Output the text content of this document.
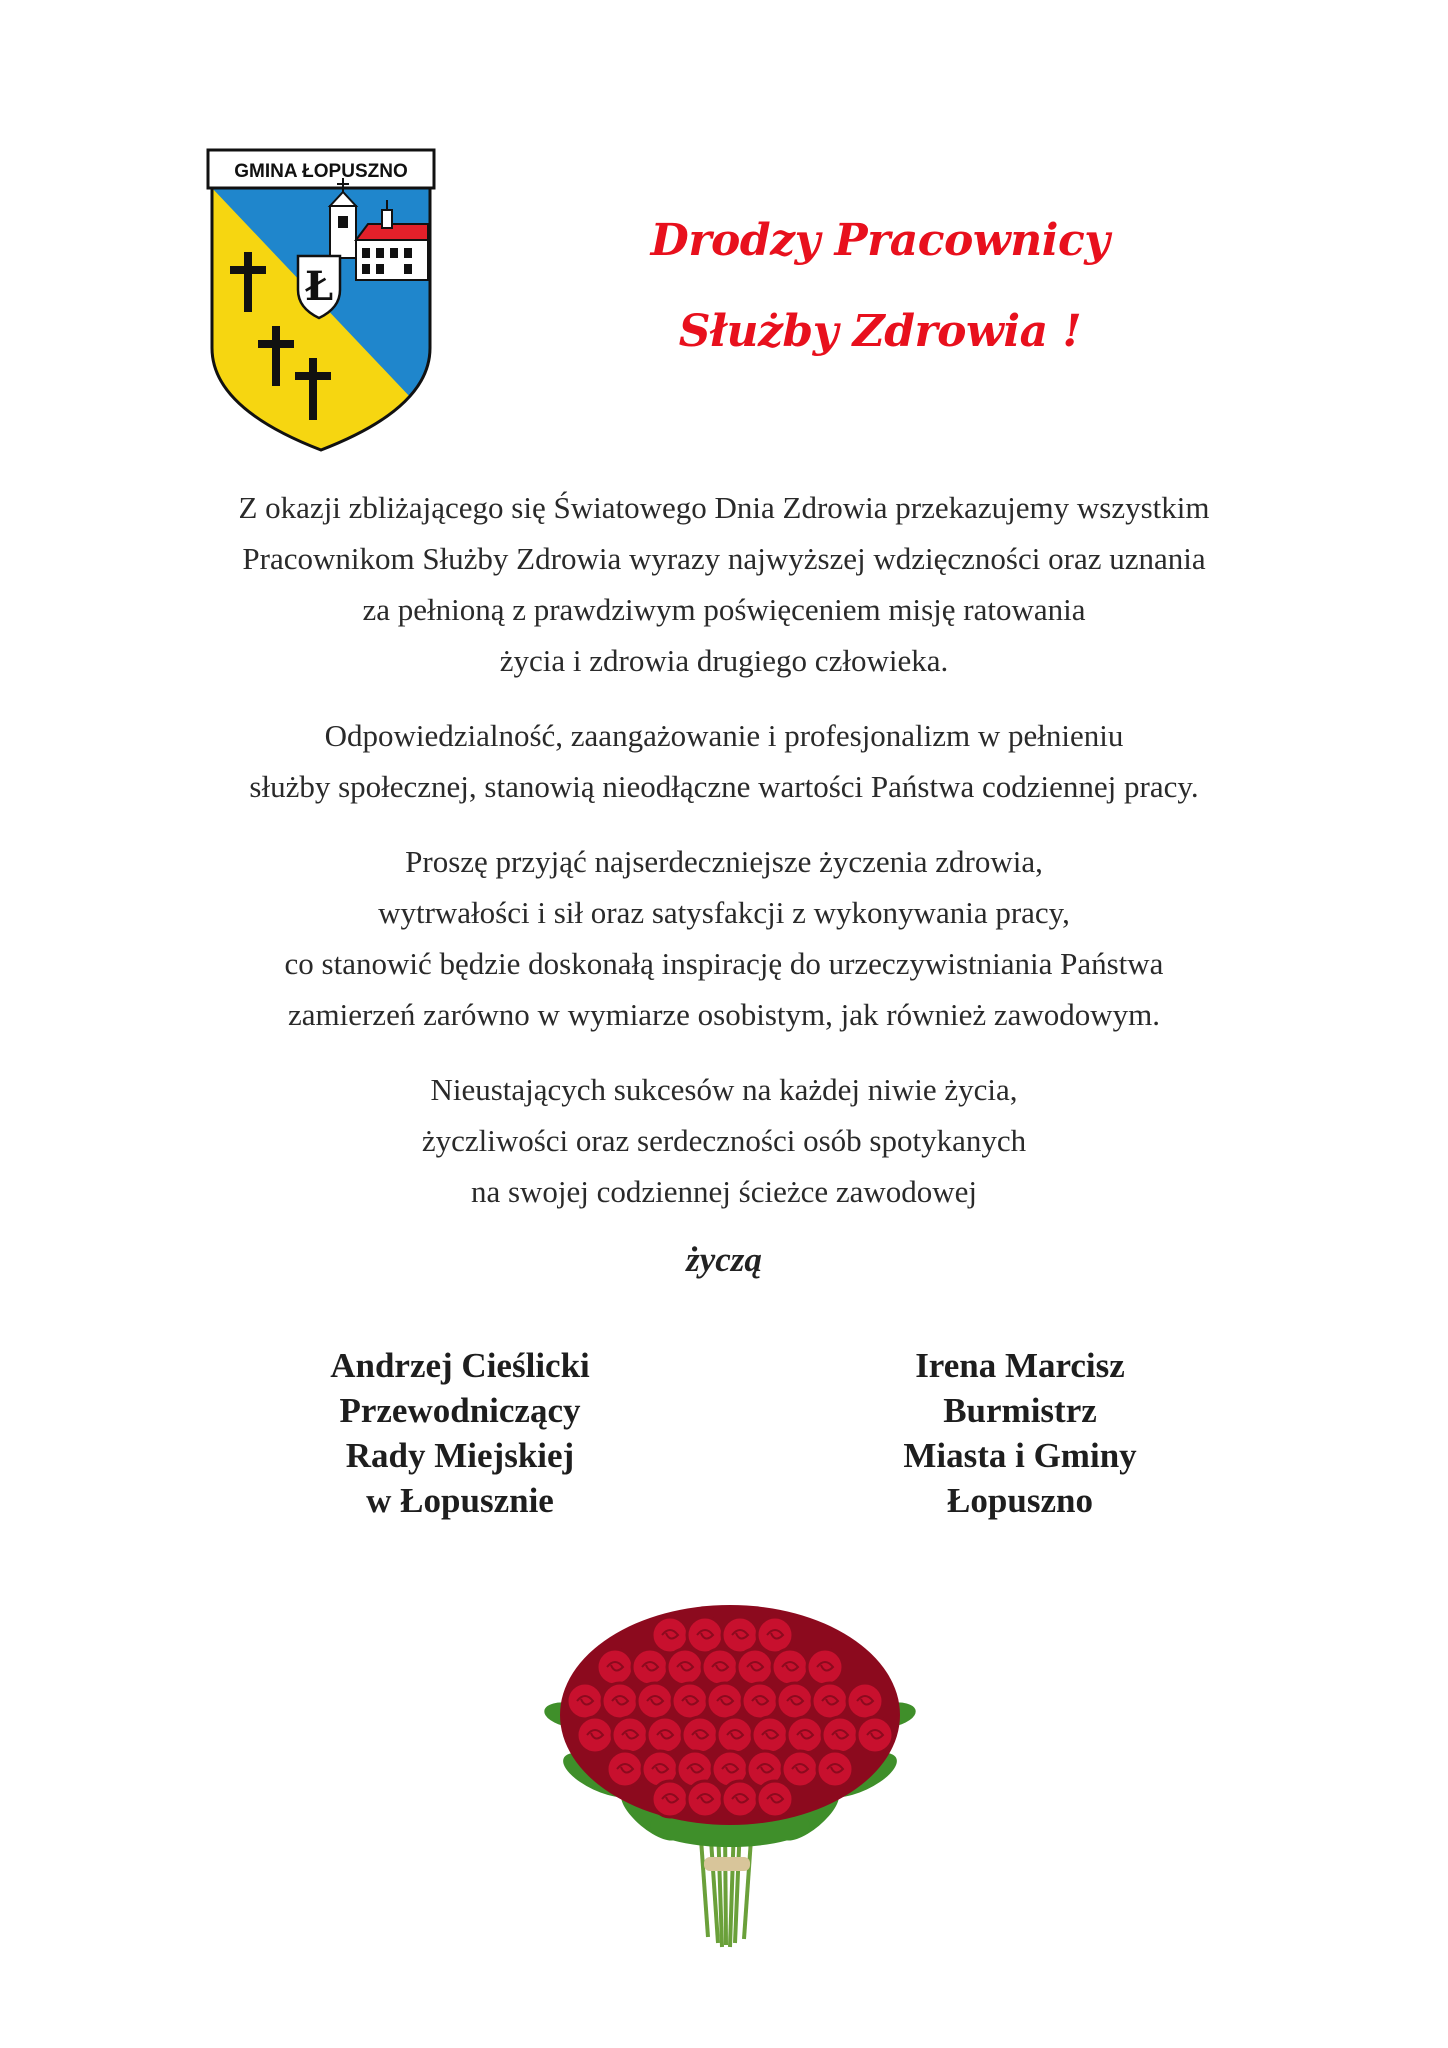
GMINA ŁOPUSZNO
Ł
Drodzy Pracownicy
Służby Zdrowia !

Z okazji zbliżającego się Światowego Dnia Zdrowia przekazujemy wszystkim
Pracownikom Służby Zdrowia wyrazy najwyższej wdzięczności oraz uznania
za pełnioną z prawdziwym poświęceniem misję ratowania
życia i zdrowia drugiego człowieka.

Odpowiedzialność, zaangażowanie i profesjonalizm w pełnieniu
służby społecznej, stanowią nieodłączne wartości Państwa codziennej pracy.

Proszę przyjąć najserdeczniejsze życzenia zdrowia,
wytrwałości i sił oraz satysfakcji z wykonywania pracy,
co stanowić będzie doskonałą inspirację do urzeczywistniania Państwa
zamierzeń zarówno w wymiarze osobistym, jak również zawodowym.

Nieustających sukcesów na każdej niwie życia,
życzliwości oraz serdeczności osób spotykanych
na swojej codziennej ścieżce zawodowej

życzą
Andrzej Cieślicki
Przewodniczący
Rady Miejskiej
w Łopusznie
Irena Marcisz
Burmistrz
Miasta i Gminy
Łopuszno
